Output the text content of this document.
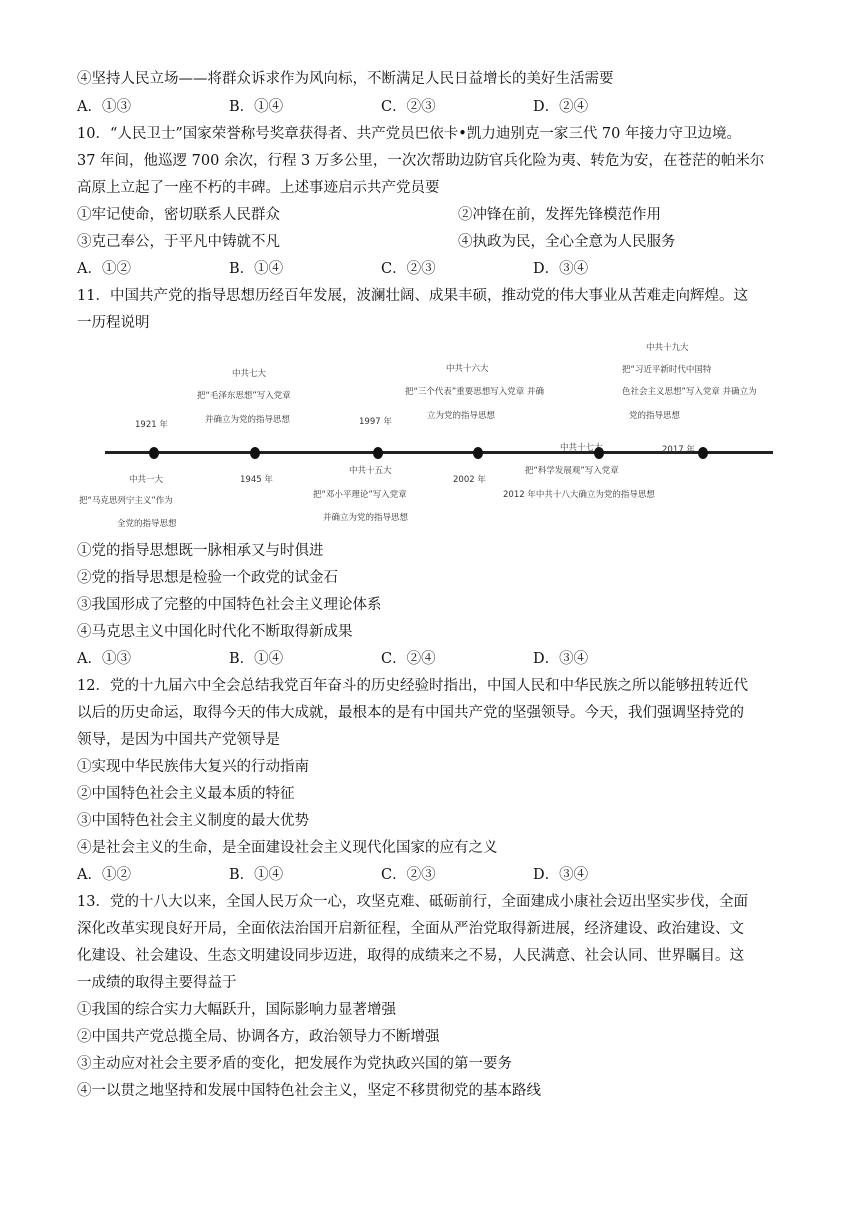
④坚持人民立场——将群众诉求作为风向标，不断满足人民日益增长的美好生活需要
A．①③	B．①④	C．②③	D．②④
10．“人民卫士”国家荣誉称号奖章获得者、共产党员巴依卡•凯力迪别克一家三代 70 年接力守卫边境。
37 年间，他巡逻 700 余次，行程 3 万多公里，一次次帮助边防官兵化险为夷、转危为安，在苍茫的帕米尔
高原上立起了一座不朽的丰碑。上述事迹启示共产党员要
①牢记使命，密切联系人民群众	②冲锋在前，发挥先锋模范作用
③克己奉公，于平凡中铸就不凡	④执政为民，全心全意为人民服务
A．①②	B．①④	C．②③	D．③④
11．中国共产党的指导思想历经百年发展，波澜壮阔、成果丰硕，推动党的伟大事业从苦难走向辉煌。这
一历程说明
1921 年
中共一大
把“马克思列宁主义”作为
全党的指导思想
中共七大
把“毛泽东思想”写入党章
并确立为党的指导思想
1945 年
1997 年
中共十五大
把“邓小平理论”写入党章
并确立为党的指导思想
中共十六大
把“三个代表”重要思想写入党章 并确
立为党的指导思想
2002 年
中共十七大
把“科学发展观”写入党章
2012 年中共十八大确立为党的指导思想
中共十九大
把“习近平新时代中国特
色社会主义思想”写入党章 并确立为
党的指导思想
2017 年
①党的指导思想既一脉相承又与时俱进
②党的指导思想是检验一个政党的试金石
③我国形成了完整的中国特色社会主义理论体系
④马克思主义中国化时代化不断取得新成果
A．①③	B．①④	C．②④	D．③④
12．党的十九届六中全会总结我党百年奋斗的历史经验时指出，中国人民和中华民族之所以能够扭转近代
以后的历史命运，取得今天的伟大成就，最根本的是有中国共产党的坚强领导。今天，我们强调坚持党的
领导，是因为中国共产党领导是
①实现中华民族伟大复兴的行动指南
②中国特色社会主义最本质的特征
③中国特色社会主义制度的最大优势
④是社会主义的生命，是全面建设社会主义现代化国家的应有之义
A．①②	B．①④	C．②③	D．③④
13．党的十八大以来，全国人民万众一心，攻坚克难、砥砺前行，全面建成小康社会迈出坚实步伐，全面
深化改革实现良好开局，全面依法治国开启新征程，全面从严治党取得新进展，经济建设、政治建设、文
化建设、社会建设、生态文明建设同步迈进，取得的成绩来之不易，人民满意、社会认同、世界瞩目。这
一成绩的取得主要得益于
①我国的综合实力大幅跃升，国际影响力显著增强
②中国共产党总揽全局、协调各方，政治领导力不断增强
③主动应对社会主要矛盾的变化，把发展作为党执政兴国的第一要务
④一以贯之地坚持和发展中国特色社会主义，坚定不移贯彻党的基本路线
